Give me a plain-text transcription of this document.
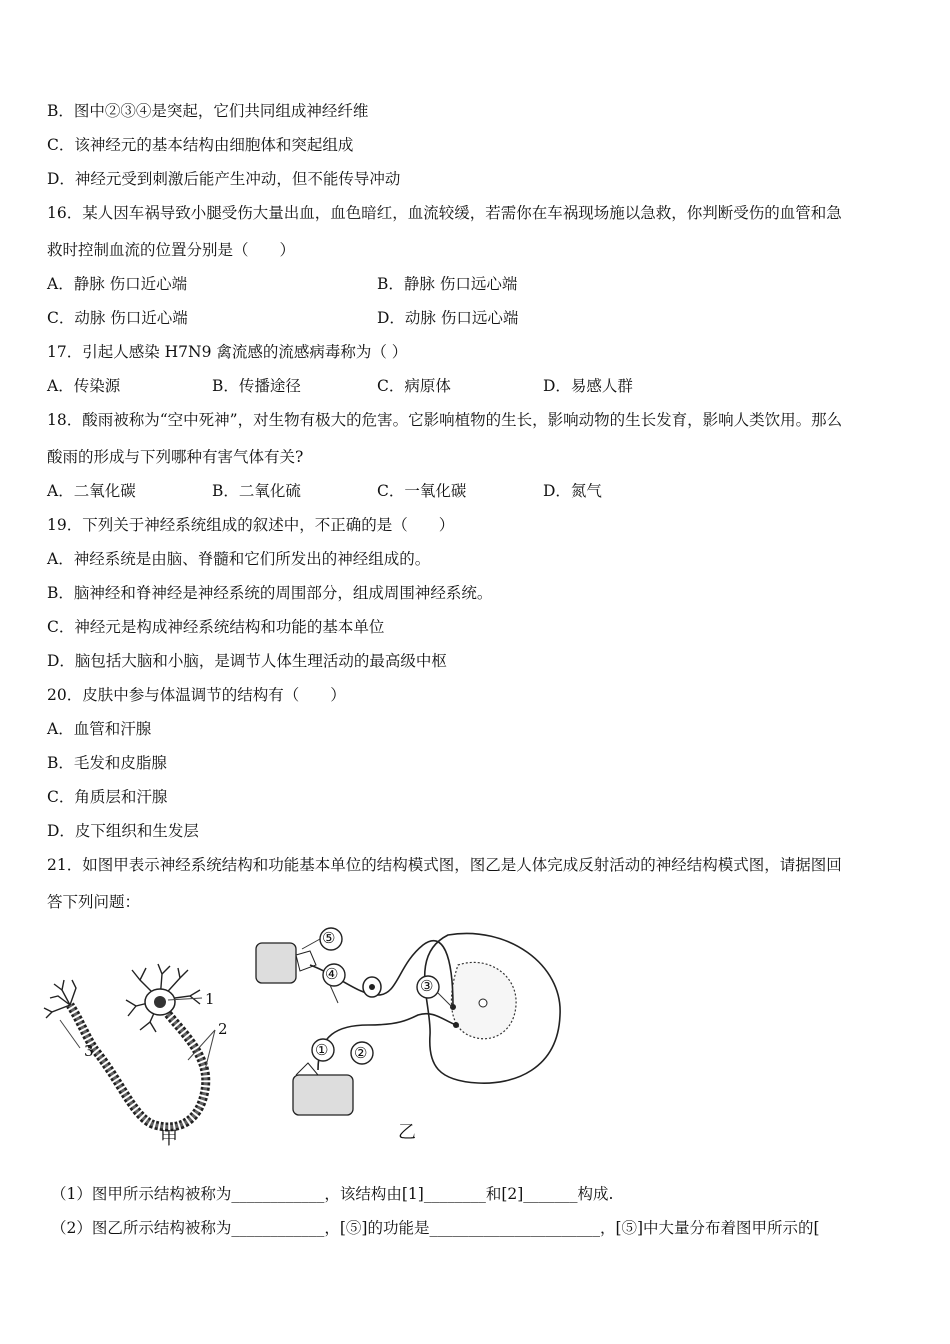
B．图中②③④是突起，它们共同组成神经纤维
C．该神经元的基本结构由细胞体和突起组成
D．神经元受到刺激后能产生冲动，但不能传导冲动
16．某人因车祸导致小腿受伤大量出血，血色暗红，血流较缓，若需你在车祸现场施以急救，你判断受伤的血管和急
救时控制血流的位置分别是（　　）
A．静脉 伤口近心端	B．静脉 伤口远心端
C．动脉 伤口近心端	D．动脉 伤口远心端
17．引起人感染 H7N9 禽流感的流感病毒称为（ ）
A．传染源	B．传播途径	C．病原体	D．易感人群
18．酸雨被称为“空中死神”，对生物有极大的危害。它影响植物的生长，影响动物的生长发育，影响人类饮用。那么
酸雨的形成与下列哪种有害气体有关?
A．二氧化碳	B．二氧化硫	C．一氧化碳	D．氮气
19．下列关于神经系统组成的叙述中，不正确的是（　　）
A．神经系统是由脑、脊髓和它们所发出的神经组成的。
B．脑神经和脊神经是神经系统的周围部分，组成周围神经系统。
C．神经元是构成神经系统结构和功能的基本单位
D．脑包括大脑和小脑，是调节人体生理活动的最高级中枢
20．皮肤中参与体温调节的结构有（　　）
A．血管和汗腺
B．毛发和皮脂腺
C．角质层和汗腺
D．皮下组织和生发层
21．如图甲表示神经系统结构和功能基本单位的结构模式图，图乙是人体完成反射活动的神经结构模式图，请据图回
答下列问题：
1
2
3
甲
⑤
④
③
① ②
乙
（1）图甲所示结构被称为____________，该结构由[1]________和[2]_______构成.
（2）图乙所示结构被称为____________，[⑤]的功能是______________________，[⑤]中大量分布着图甲所示的[
